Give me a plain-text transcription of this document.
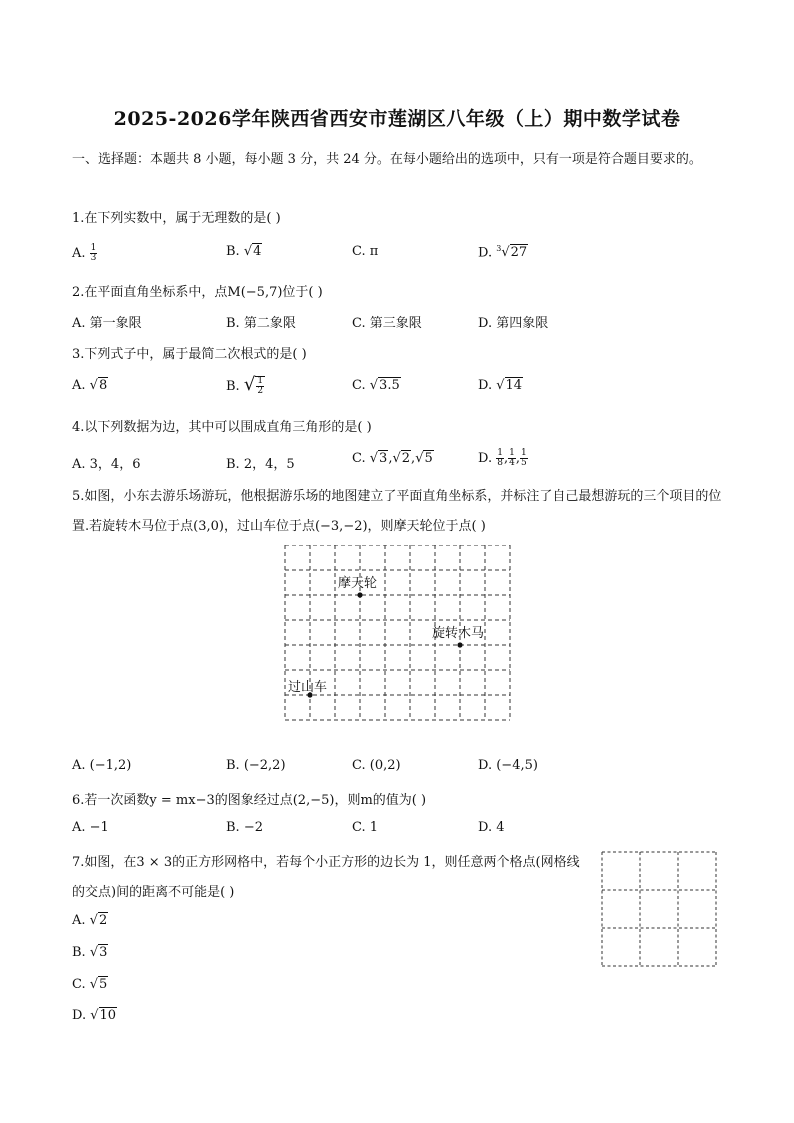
2025-2026学年陕西省西安市莲湖区八年级（上）期中数学试卷
一、选择题：本题共 8 小题，每小题 3 分，共 24 分。在每小题给出的选项中，只有一项是符合题目要求的。
1.在下列实数中，属于无理数的是( )
A. $\frac{1}{3}$	B. √4	C. π	D. $^3$√27
2.在平面直角坐标系中，点M(−5,7)位于( )
A. 第一象限	B. 第二象限	C. 第三象限	D. 第四象限
3.下列式子中，属于最简二次根式的是( )
A. √8	B. √ $\frac{1}{2}$	C. √3.5	D. √14
4.以下列数据为边，其中可以围成直角三角形的是( )
A. 3，4，6	B. 2，4，5	C. √3,√2,√5	D. $\frac{1}{8}$ , $\frac{1}{4}$ , $\frac{1}{5}$
5.如图，小东去游乐场游玩，他根据游乐场的地图建立了平面直角坐标系，并标注了自己最想游玩的三个项目的位置.若旋转木马位于点(3,0)，过山车位于点(−3,−2)，则摩天轮位于点( )
摩天轮
旋转木马
过山车
A. (−1,2)	B. (−2,2)	C. (0,2)	D. (−4,5)
6.若一次函数y = mx−3的图象经过点(2,−5)，则m的值为( )
A. −1	B. −2	C. 1	D. 4
7.如图，在3 × 3的正方形网格中，若每个小正方形的边长为 1，则任意两个格点(网格线的交点)间的距离不可能是( )
A. √2
B. √3
C. √5
D. √10
